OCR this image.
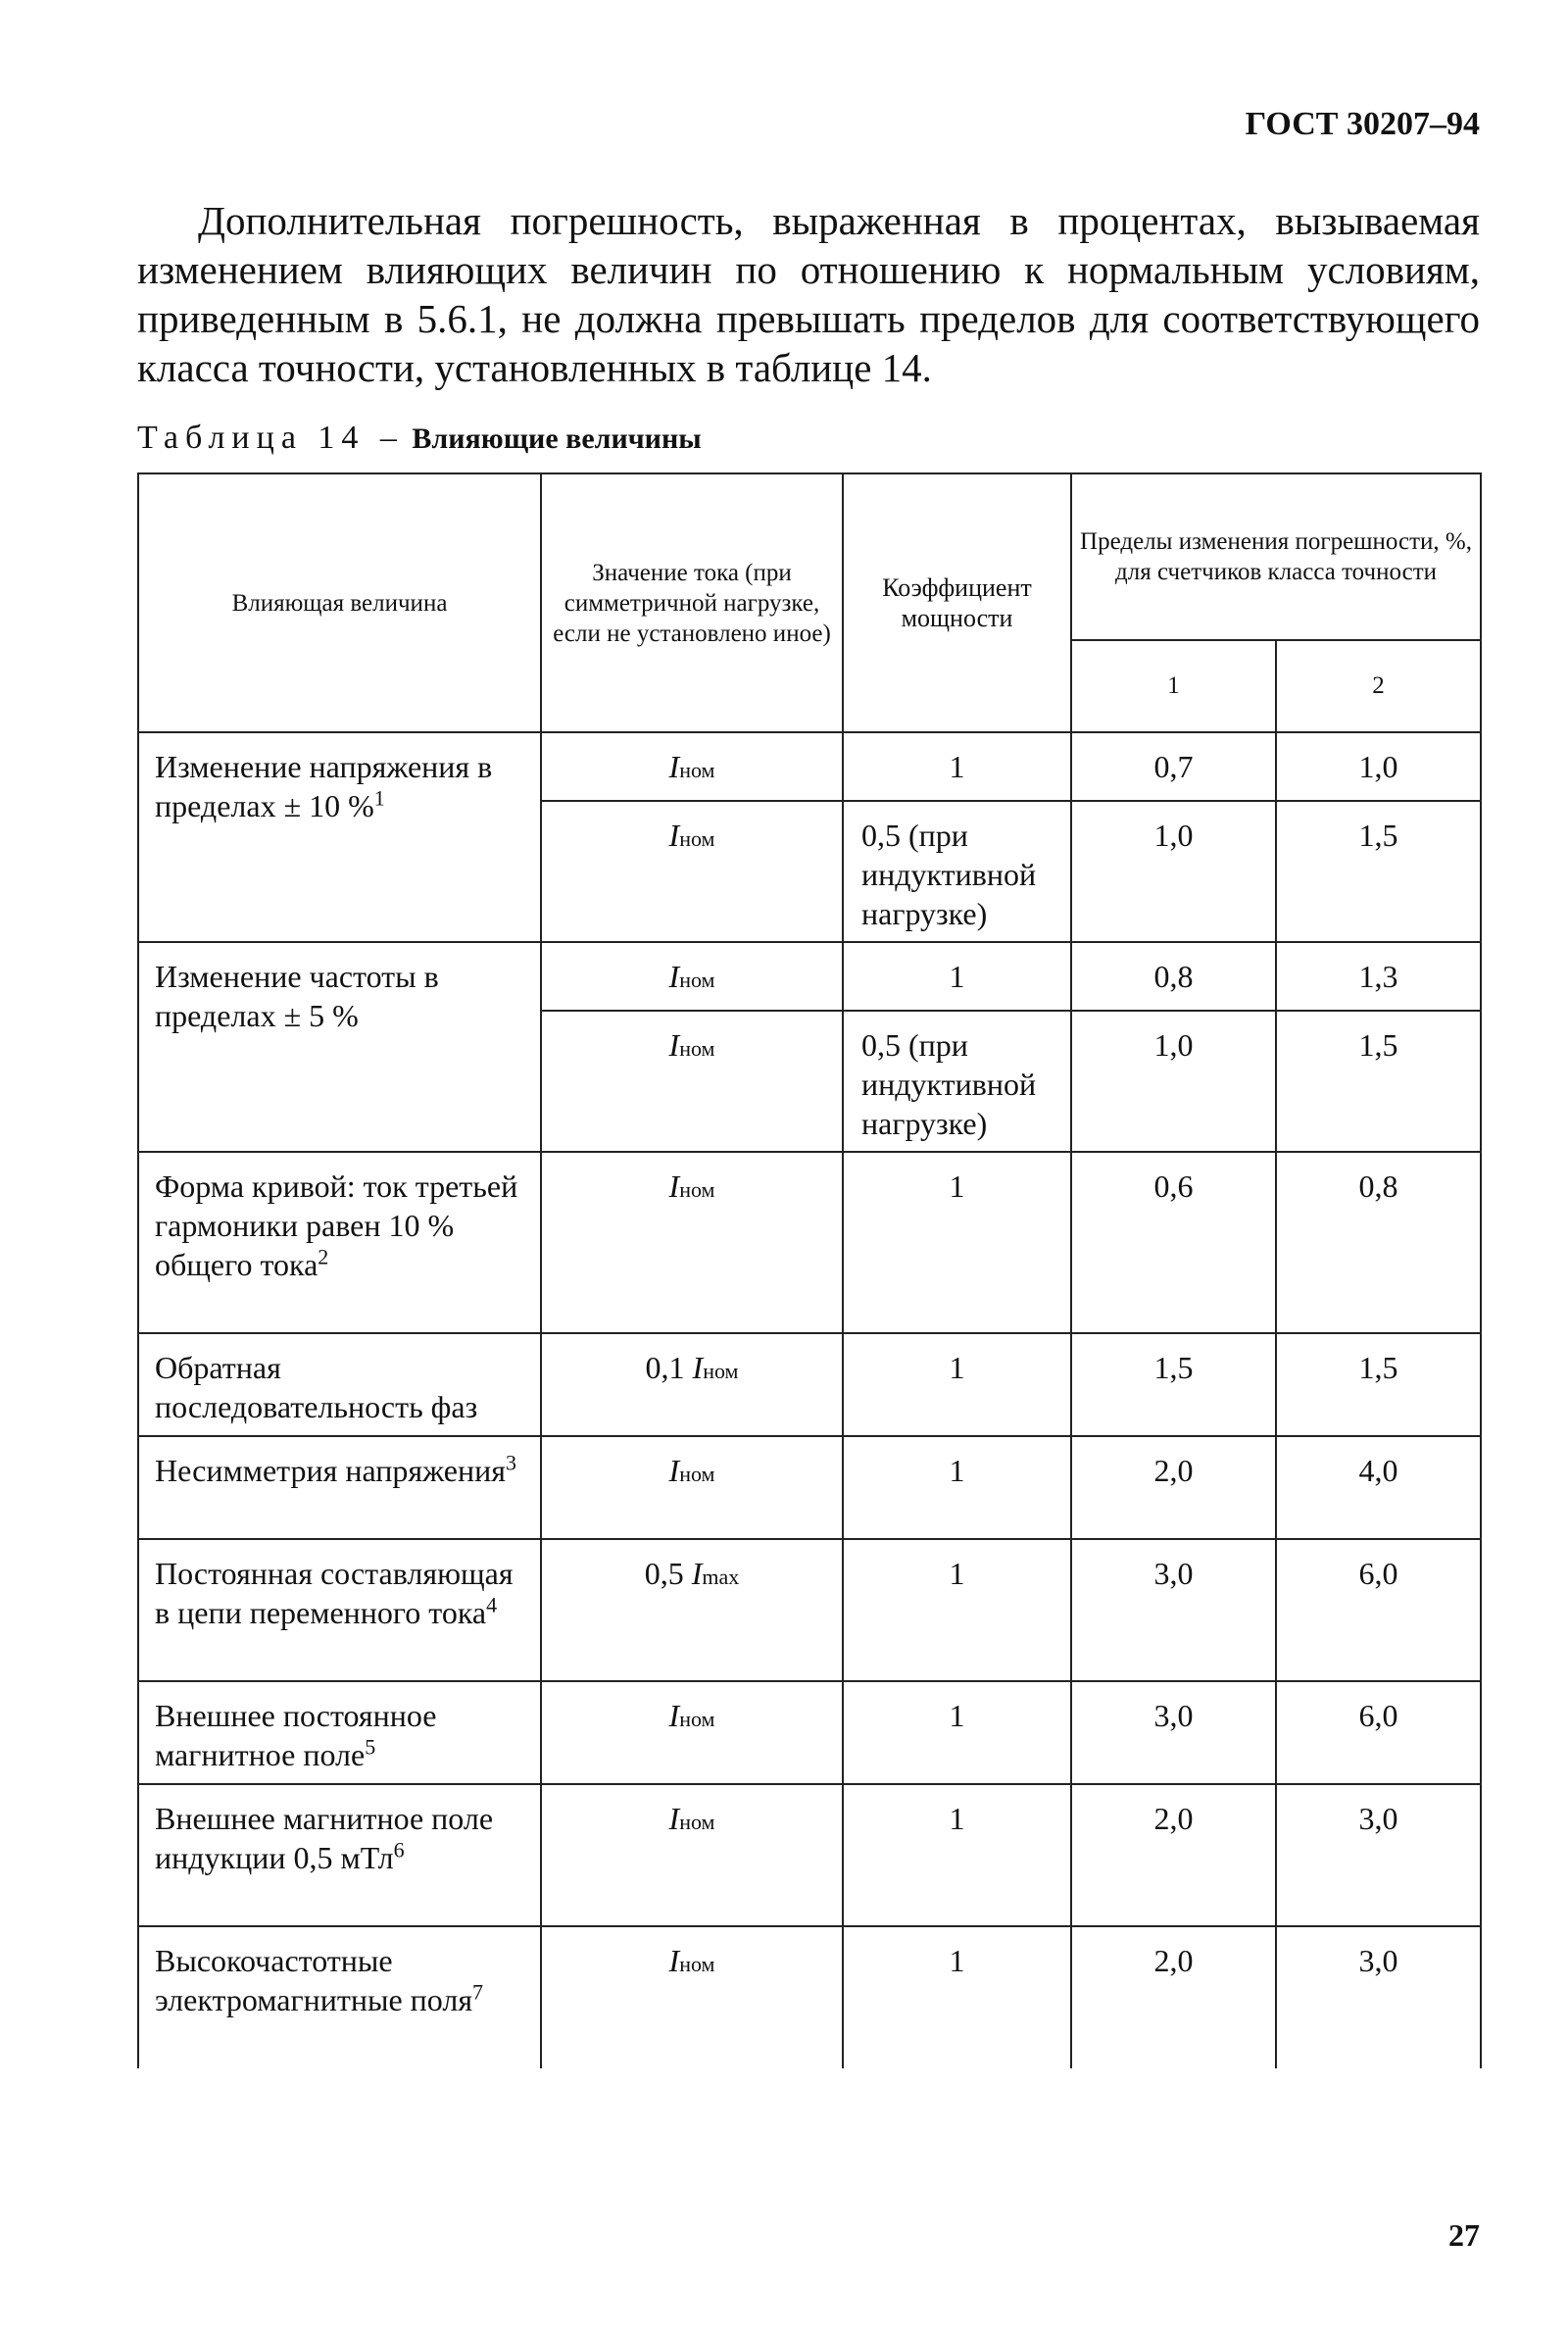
ГОСТ 30207–94
Дополнительная погрешность, выраженная в процентах, вызываемая изменением влияющих величин по отношению к нормальным условиям, приведенным в 5.6.1, не должна превышать пределов для соответствующего класса точности, установленных в таблице 14.
Таблица 14 – Влияющие величины
Влияющая величина	Значение тока (при симметричной нагрузке, если не установлено иное)	Коэффициент мощности	Пределы изменения погрешности, %, для счетчиков класса точности	
			1	2
Изменение напряжения в пределах ± 10 %$^1$	Iном	1	0,7	1,0
	Iном	0,5 (при индуктивной нагрузке)	1,0	1,5
Изменение частоты в пределах ± 5 %	Iном	1	0,8	1,3
	Iном	0,5 (при индуктивной нагрузке)	1,0	1,5
Форма кривой: ток третьей гармоники равен 10 % общего тока$^2$	Iном	1	0,6	0,8
Обратная последовательность фаз	0,1 Iном	1	1,5	1,5
Несимметрия напряжения$^3$	Iном	1	2,0	4,0
Постоянная составляющая в цепи переменного тока$^4$	0,5 Imax	1	3,0	6,0
Внешнее постоянное магнитное поле$^5$	Iном	1	3,0	6,0
Внешнее магнитное поле индукции 0,5 мТл$^6$	Iном	1	2,0	3,0
Высокочастотные электромагнитные поля$^7$	Iном	1	2,0	3,0
27
